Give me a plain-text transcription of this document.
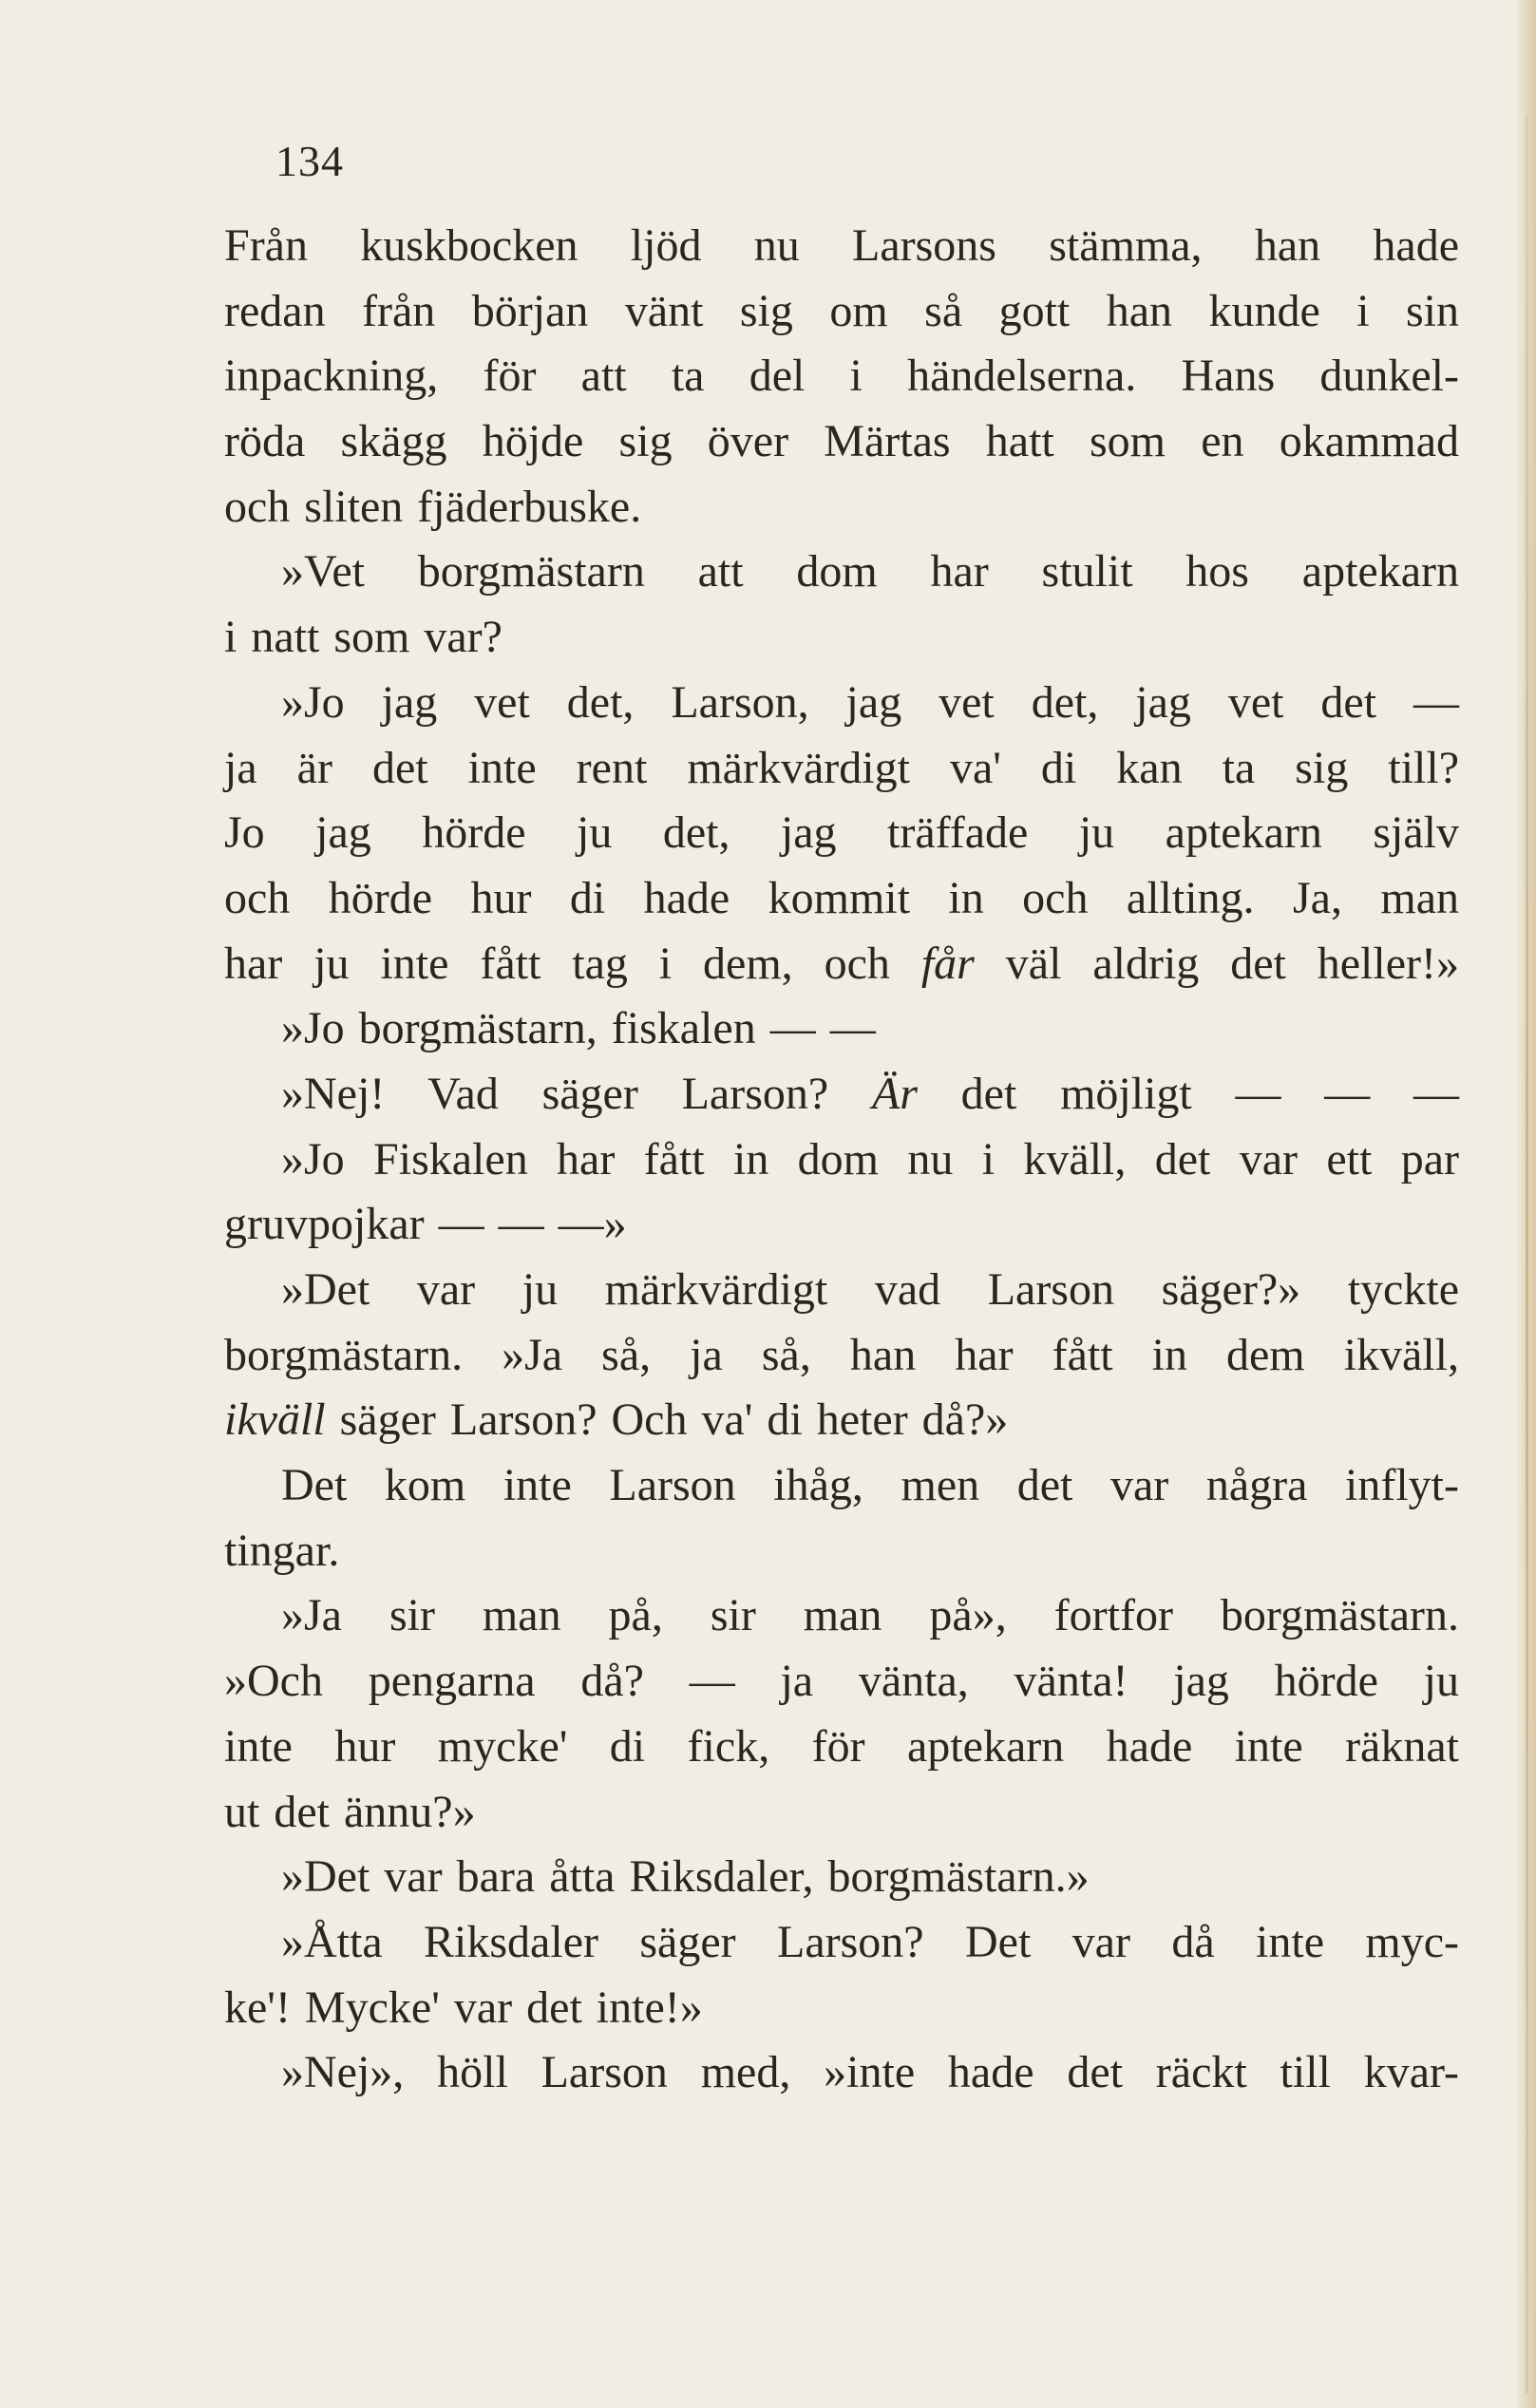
134
Från kuskbocken ljöd nu Larsons stämma, han hade
redan från början vänt sig om så gott han kunde i sin
inpackning, för att ta del i händelserna. Hans dunkel-
röda skägg höjde sig över Märtas hatt som en okammad
och sliten fjäderbuske.
»Vet borgmästarn att dom har stulit hos aptekarn
i natt som var?
»Jo jag vet det, Larson, jag vet det, jag vet det —
ja är det inte rent märkvärdigt va' di kan ta sig till?
Jo jag hörde ju det, jag träffade ju aptekarn själv
och hörde hur di hade kommit in och allting. Ja, man
har ju inte fått tag i dem, och får väl aldrig det heller!»
»Jo borgmästarn, fiskalen — —
»Nej! Vad säger Larson? Är det möjligt — — —
»Jo Fiskalen har fått in dom nu i kväll, det var ett par
gruvpojkar — — —»
»Det var ju märkvärdigt vad Larson säger?» tyckte
borgmästarn. »Ja så, ja så, han har fått in dem ikväll,
ikväll säger Larson? Och va' di heter då?»
Det kom inte Larson ihåg, men det var några inflyt-
tingar.
»Ja sir man på, sir man på», fortfor borgmästarn.
»Och pengarna då? — ja vänta, vänta! jag hörde ju
inte hur mycke' di fick, för aptekarn hade inte räknat
ut det ännu?»
»Det var bara åtta Riksdaler, borgmästarn.»
»Åtta Riksdaler säger Larson? Det var då inte myc-
ke'! Mycke' var det inte!»
»Nej», höll Larson med, »inte hade det räckt till kvar-
